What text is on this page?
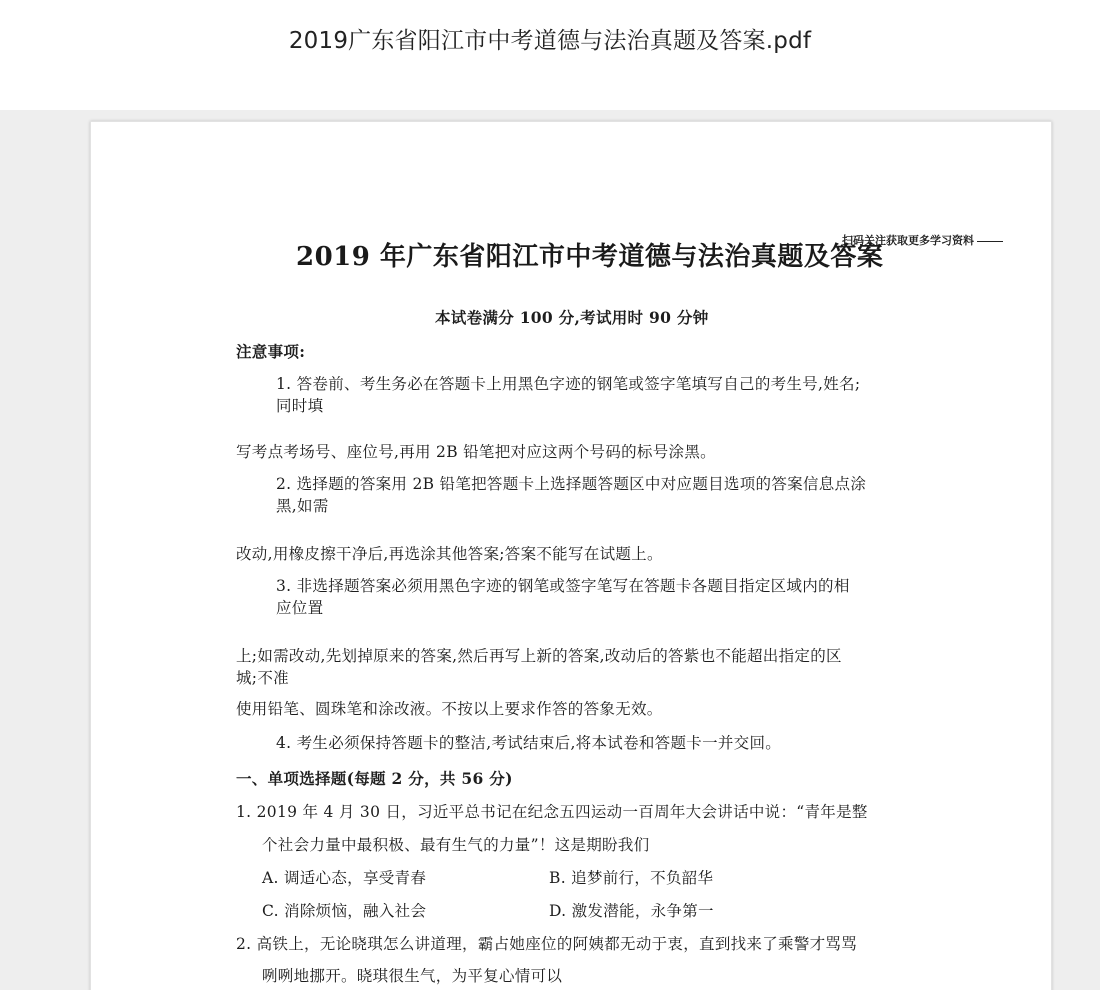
2019广东省阳江市中考道德与法治真题及答案.pdf
扫码关注获取更多学习资料
2019 年广东省阳江市中考道德与法治真题及答案
本试卷满分 100 分,考试用时 90 分钟
注意事项:
1. 答卷前、考生务必在答题卡上用黑色字迹的钢笔或签字笔填写自己的考生号,姓名;
同时填
写考点考场号、座位号,再用 2B 铅笔把对应这两个号码的标号涂黑。
2. 选择题的答案用 2B 铅笔把答题卡上选择题答题区中对应题目选项的答案信息点涂
黑,如需
改动,用橡皮擦干净后,再选涂其他答案;答案不能写在试题上。
3. 非选择题答案必须用黑色字迹的钢笔或签字笔写在答题卡各题目指定区域内的相
应位置
上;如需改动,先划掉原来的答案,然后再写上新的答案,改动后的答紫也不能超出指定的区
城;不准
使用铅笔、圆珠笔和涂改液。不按以上要求作答的答象无效。
4. 考生必须保持答题卡的整洁,考试结束后,将本试卷和答题卡一并交回。
一、单项选择题(每题 2 分，共 56 分)
1. 2019 年 4 月 30 日，习近平总书记在纪念五四运动一百周年大会讲话中说：“青年是整
个社会力量中最积极、最有生气的力量”！这是期盼我们
A. 调适心态，享受青春	B. 追梦前行，不负韶华
C. 消除烦恼，融入社会	D. 激发潜能，永争第一
2. 高铁上，无论晓琪怎么讲道理，霸占她座位的阿姨都无动于衷，直到找来了乘警才骂骂
咧咧地挪开。晓琪很生气，为平复心情可以
